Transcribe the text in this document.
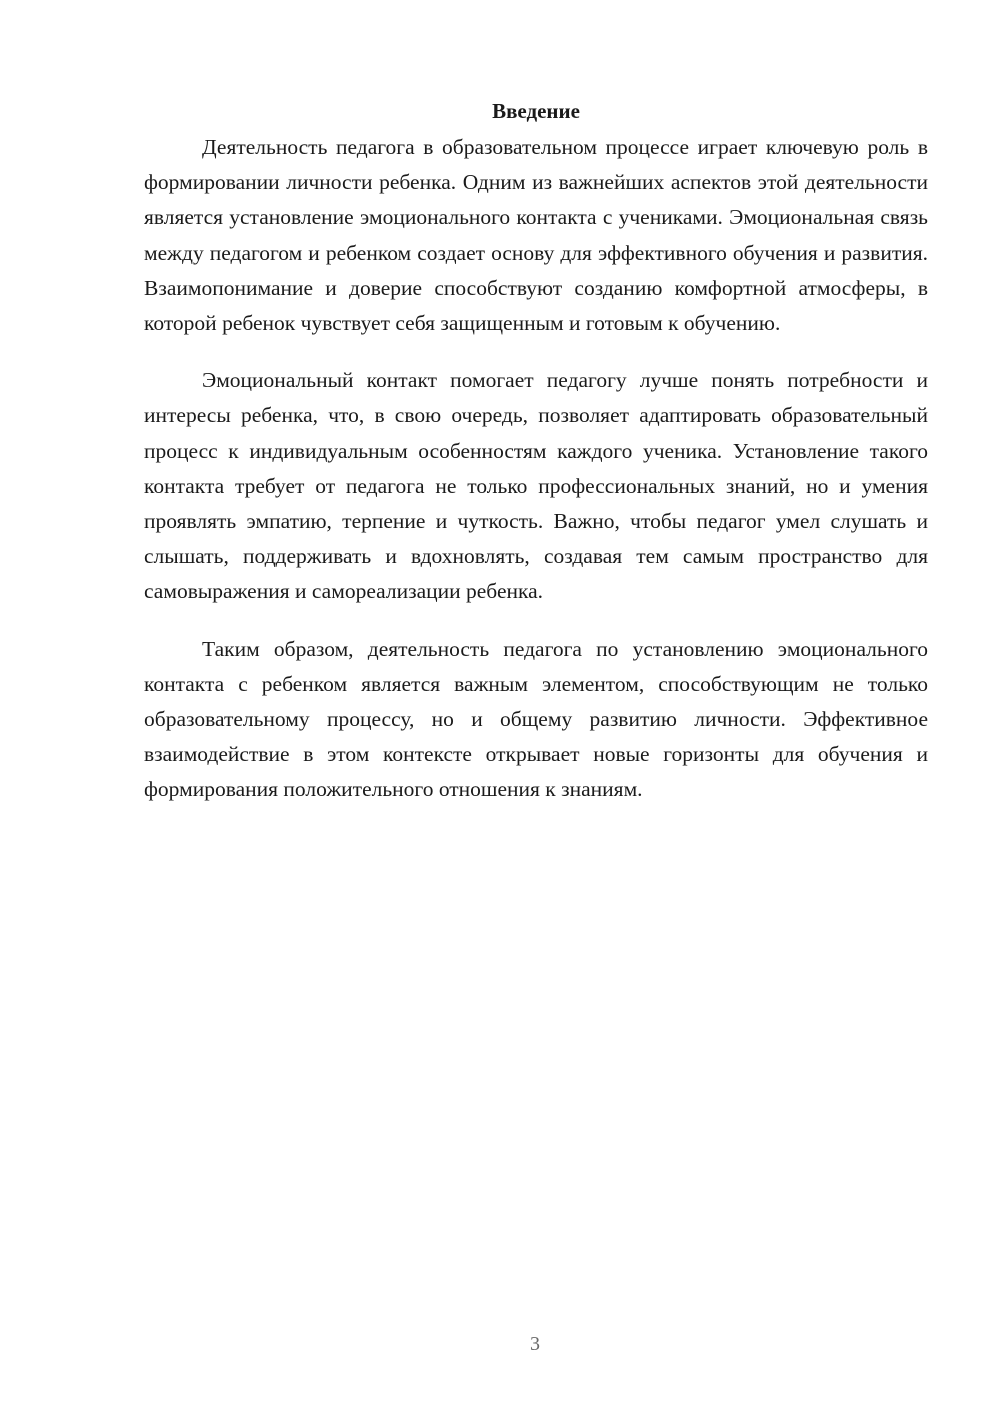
Введение

Деятельность педагога в образовательном процессе играет ключевую роль в формировании личности ребенка. Одним из важнейших аспектов этой деятельности является установление эмоционального контакта с учениками. Эмоциональная связь между педагогом и ребенком создает основу для эффективного обучения и развития. Взаимопонимание и доверие способствуют созданию комфортной атмосферы, в которой ребенок чувствует себя защищенным и готовым к обучению.

Эмоциональный контакт помогает педагогу лучше понять потребности и интересы ребенка, что, в свою очередь, позволяет адаптировать образовательный процесс к индивидуальным особенностям каждого ученика. Установление такого контакта требует от педагога не только профессиональных знаний, но и умения проявлять эмпатию, терпение и чуткость. Важно, чтобы педагог умел слушать и слышать, поддерживать и вдохновлять, создавая тем самым пространство для самовыражения и самореализации ребенка.

Таким образом, деятельность педагога по установлению эмоционального контакта с ребенком является важным элементом, способствующим не только образовательному процессу, но и общему развитию личности. Эффективное взаимодействие в этом контексте открывает новые горизонты для обучения и формирования положительного отношения к знаниям.

3
